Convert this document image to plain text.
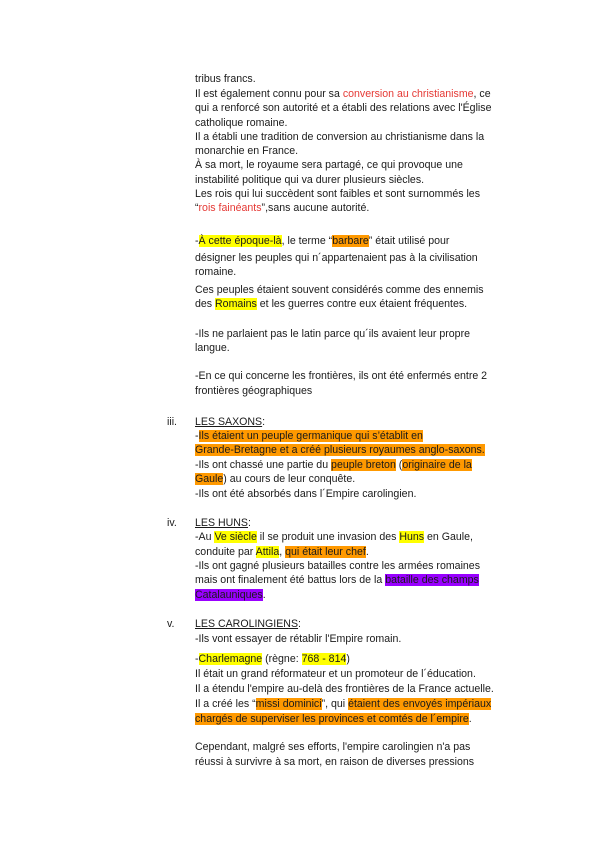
tribus francs.
Il est également connu pour sa conversion au christianisme, ce
qui a renforcé son autorité et a établi des relations avec l'Église
catholique romaine.
Il a établi une tradition de conversion au christianisme dans la
monarchie en France.
À sa mort, le royaume sera partagé, ce qui provoque une
instabilité politique qui va durer plusieurs siècles.
Les rois qui lui succèdent sont faibles et sont surnommés les
“rois fainéants”,sans aucune autorité.
-À cette époque-là, le terme “barbare” était utilisé pour
désigner les peuples qui n´appartenaient pas à la civilisation
romaine.
Ces peuples étaient souvent considérés comme des ennemis
des Romains et les guerres contre eux étaient fréquentes.
-Ils ne parlaient pas le latin parce qu´ils avaient leur propre
langue.
-En ce qui concerne les frontières, ils ont été enfermés entre 2
frontières géographiques
iii. LES SAXONS:
-Ils étaient un peuple germanique qui s’établit en
Grande-Bretagne et a créé plusieurs royaumes anglo-saxons.
-Ils ont chassé une partie du peuple breton (originaire de la
Gaule) au cours de leur conquête.
-Ils ont été absorbés dans l´Empire carolingien.
iv. LES HUNS:
-Au Ve siècle il se produit une invasion des Huns en Gaule,
conduite par Attila, qui était leur chef.
-Ils ont gagné plusieurs batailles contre les armées romaines
mais ont finalement été battus lors de la bataille des champs
Catalauniques.
v. LES CAROLINGIENS:
-Ils vont essayer de rétablir l'Empire romain.
-Charlemagne (règne: 768 - 814)
Il était un grand réformateur et un promoteur de l´éducation.
Il a étendu l'empire au-delà des frontières de la France actuelle.
Il a créé les “missi dominici”, qui étaient des envoyés impériaux
chargés de superviser les provinces et comtés de l´empire.
Cependant, malgré ses efforts, l'empire carolingien n'a pas
réussi à survivre à sa mort, en raison de diverses pressions
